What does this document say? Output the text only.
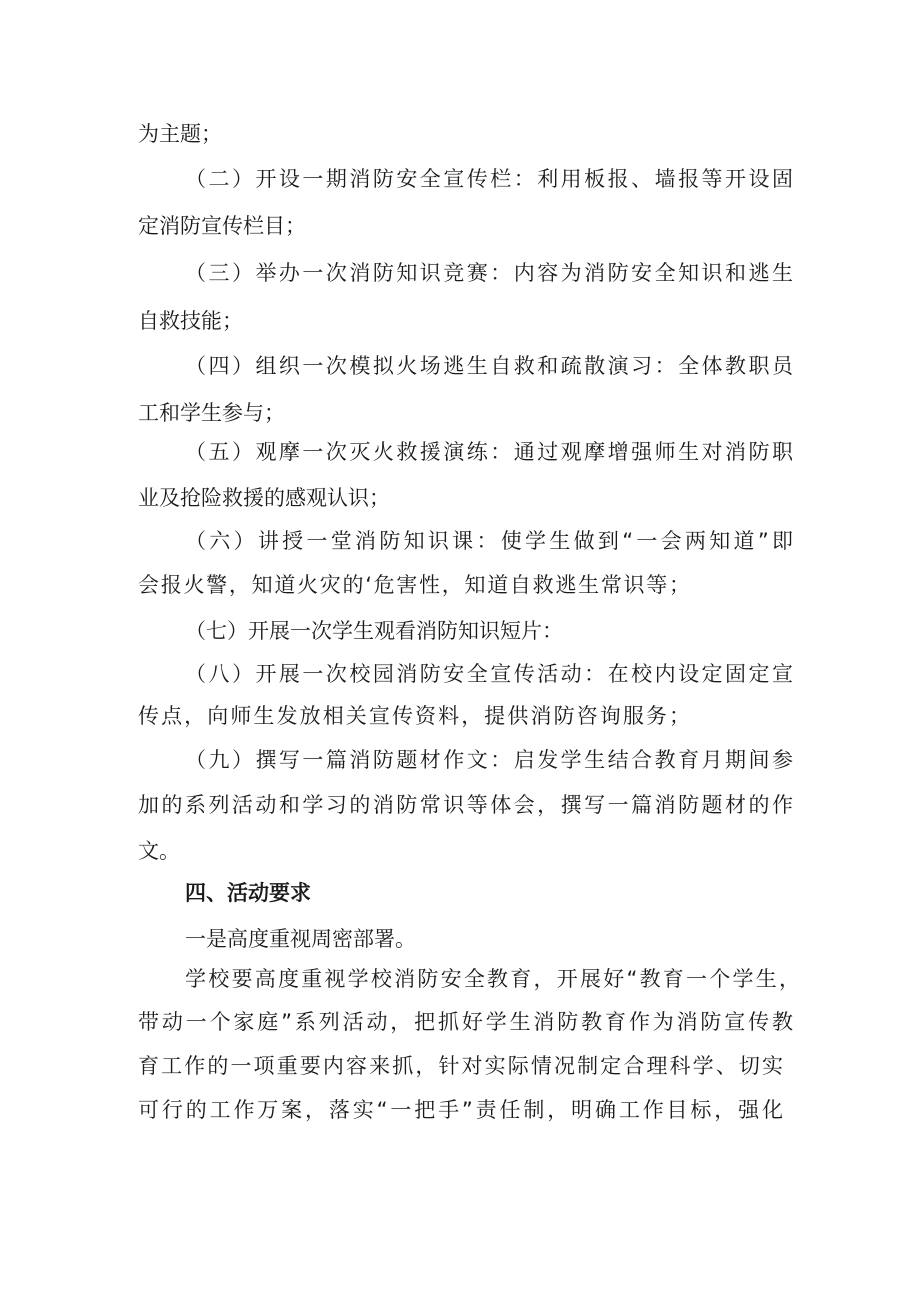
为主题；
（二）开设一期消防安全宣传栏：利用板报、墙报等开设固
定消防宣传栏目；
（三）举办一次消防知识竞赛：内容为消防安全知识和逃生
自救技能；
（四）组织一次模拟火场逃生自救和疏散演习：全体教职员
工和学生参与；
（五）观摩一次灭火救援演练：通过观摩增强师生对消防职
业及抢险救援的感观认识；
（六）讲授一堂消防知识课：使学生做到“一会两知道”即
会报火警，知道火灾的‘危害性，知道自救逃生常识等；
（七）开展一次学生观看消防知识短片：
（八）开展一次校园消防安全宣传活动：在校内设定固定宣
传点，向师生发放相关宣传资料，提供消防咨询服务；
（九）撰写一篇消防题材作文：启发学生结合教育月期间参
加的系列活动和学习的消防常识等体会，撰写一篇消防题材的作
文。
四、活动要求
一是高度重视周密部署。
学校要高度重视学校消防安全教育，开展好“教育一个学生，
带动一个家庭”系列活动，把抓好学生消防教育作为消防宣传教
育工作的一项重要内容来抓，针对实际情况制定合理科学、切实
可行的工作万案，落实“一把手”责任制，明确工作目标，强化
